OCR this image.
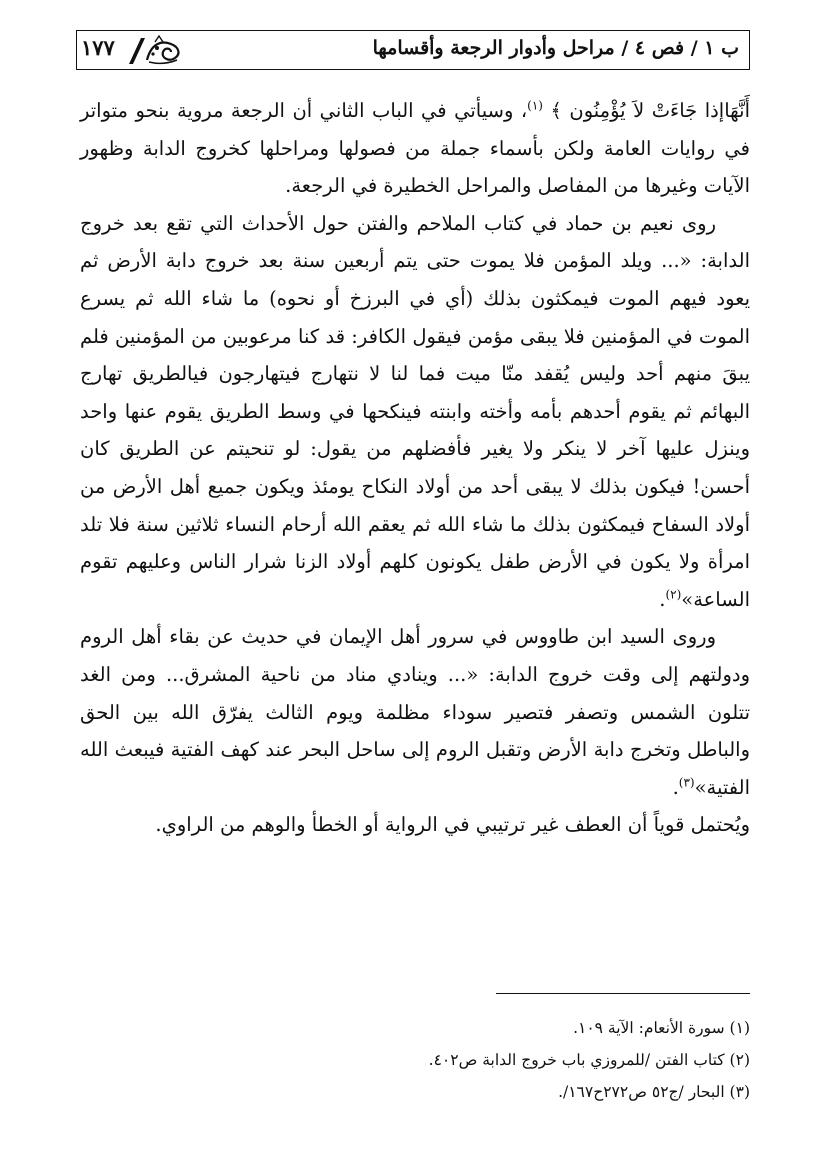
ب ١ / فص ٤ / مراحل وأدوار الرجعة وأقسامها
١٧٧

أَنَّهَاإذا جَاءَتْ لاَ يُؤْمِنُون ﴾ $^{(١)}$، وسيأتي في الباب الثاني أن الرجعة مروية بنحو متواتر في روايات العامة ولكن بأسماء جملة من فصولها ومراحلها كخروج الدابة وظهور الآيات وغيرها من المفاصل والمراحل الخطيرة في الرجعة.

روى نعيم بن حماد في كتاب الملاحم والفتن حول الأحداث التي تقع بعد خروج الدابة: «... ويلد المؤمن فلا يموت حتى يتم أربعين سنة بعد خروج دابة الأرض ثم يعود فيهم الموت فيمكثون بذلك (أي في البرزخ أو نحوه) ما شاء الله ثم يسرع الموت في المؤمنين فلا يبقى مؤمن فيقول الكافر: قد كنا مرعوبين من المؤمنين فلم يبقَ منهم أحد وليس يُقفد منّا ميت فما لنا لا نتهارج فيتهارجون فيالطريق تهارج البهائم ثم يقوم أحدهم بأمه وأخته وابنته فينكحها في وسط الطريق يقوم عنها واحد وينزل عليها آخر لا ينكر ولا يغير فأفضلهم من يقول: لو تنحيتم عن الطريق كان أحسن! فيكون بذلك لا يبقى أحد من أولاد النكاح يومئذ ويكون جميع أهل الأرض من أولاد السفاح فيمكثون بذلك ما شاء الله ثم يعقم الله أرحام النساء ثلاثين سنة فلا تلد امرأة ولا يكون في الأرض طفل يكونون كلهم أولاد الزنا شرار الناس وعليهم تقوم الساعة»$^{(٢)}$.

وروى السيد ابن طاووس في سرور أهل الإيمان في حديث عن بقاء أهل الروم ودولتهم إلى وقت خروج الدابة: «... وينادي مناد من ناحية المشرق... ومن الغد تتلون الشمس وتصفر فتصير سوداء مظلمة ويوم الثالث يفرّق الله بين الحق والباطل وتخرج دابة الأرض وتقبل الروم إلى ساحل البحر عند كهف الفتية فيبعث الله الفتية»$^{(٣)}$.

ويُحتمل قوياً أن العطف غير ترتيبي في الرواية أو الخطأ والوهم من الراوي.

(١) سورة الأنعام: الآية ١٠٩.
(٢) كتاب الفتن /للمروزي باب خروج الدابة ص٤٠٢.
(٣) البحار /ج٥٢ ص٢٧٢ح١٦٧/.
